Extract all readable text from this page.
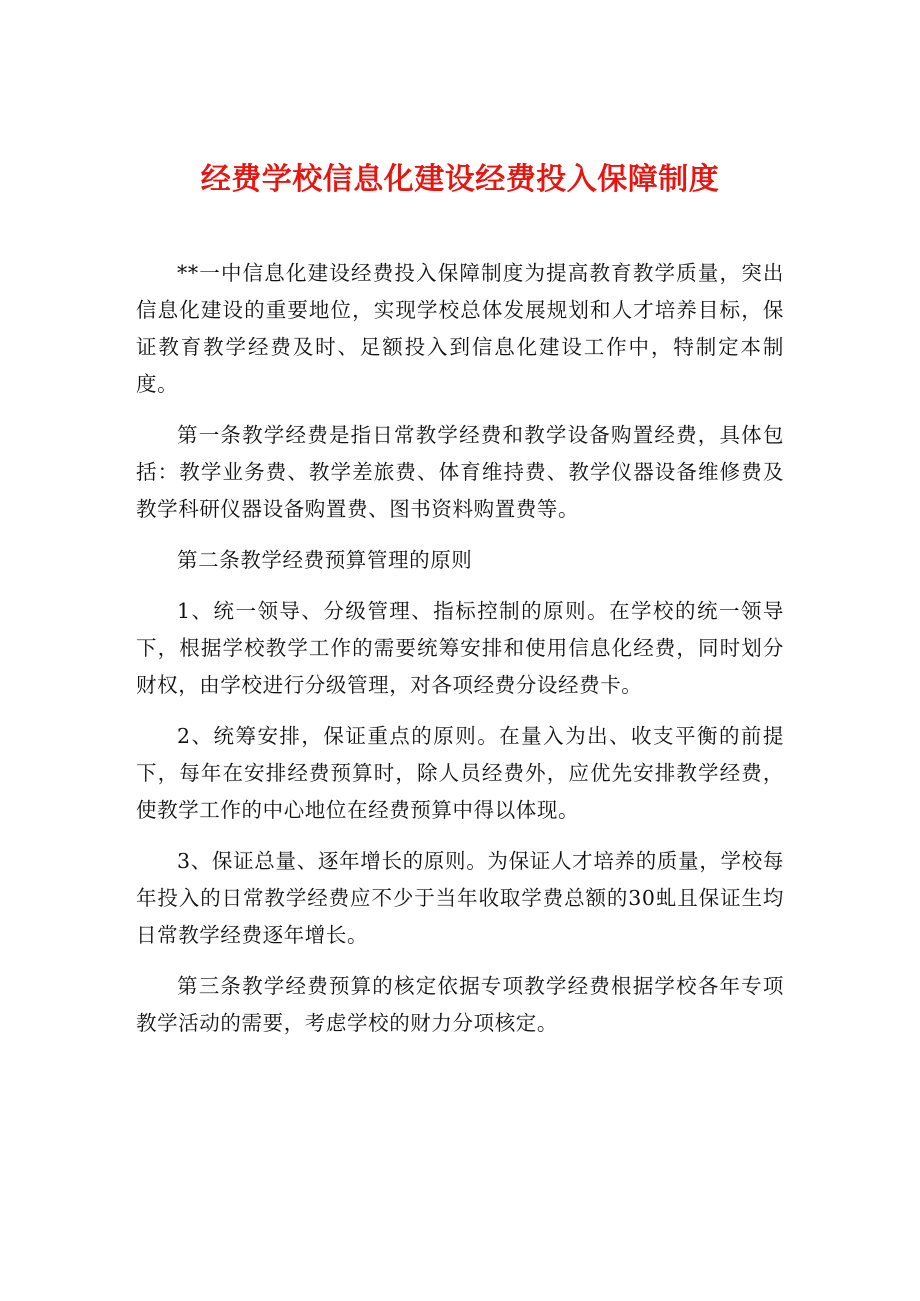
经费学校信息化建设经费投入保障制度

**一中信息化建设经费投入保障制度为提高教育教学质量，突出信息化建设的重要地位，实现学校总体发展规划和人才培养目标，保证教育教学经费及时、足额投入到信息化建设工作中，特制定本制度。

第一条教学经费是指日常教学经费和教学设备购置经费，具体包括：教学业务费、教学差旅费、体育维持费、教学仪器设备维修费及教学科研仪器设备购置费、图书资料购置费等。

第二条教学经费预算管理的原则

1、统一领导、分级管理、指标控制的原则。在学校的统一领导下，根据学校教学工作的需要统筹安排和使用信息化经费，同时划分财权，由学校进行分级管理，对各项经费分设经费卡。

2、统筹安排，保证重点的原则。在量入为出、收支平衡的前提下，每年在安排经费预算时，除人员经费外，应优先安排教学经费，使教学工作的中心地位在经费预算中得以体现。

3、保证总量、逐年增长的原则。为保证人才培养的质量，学校每年投入的日常教学经费应不少于当年收取学费总额的30虬且保证生均日常教学经费逐年增长。

第三条教学经费预算的核定依据专项教学经费根据学校各年专项教学活动的需要，考虑学校的财力分项核定。
